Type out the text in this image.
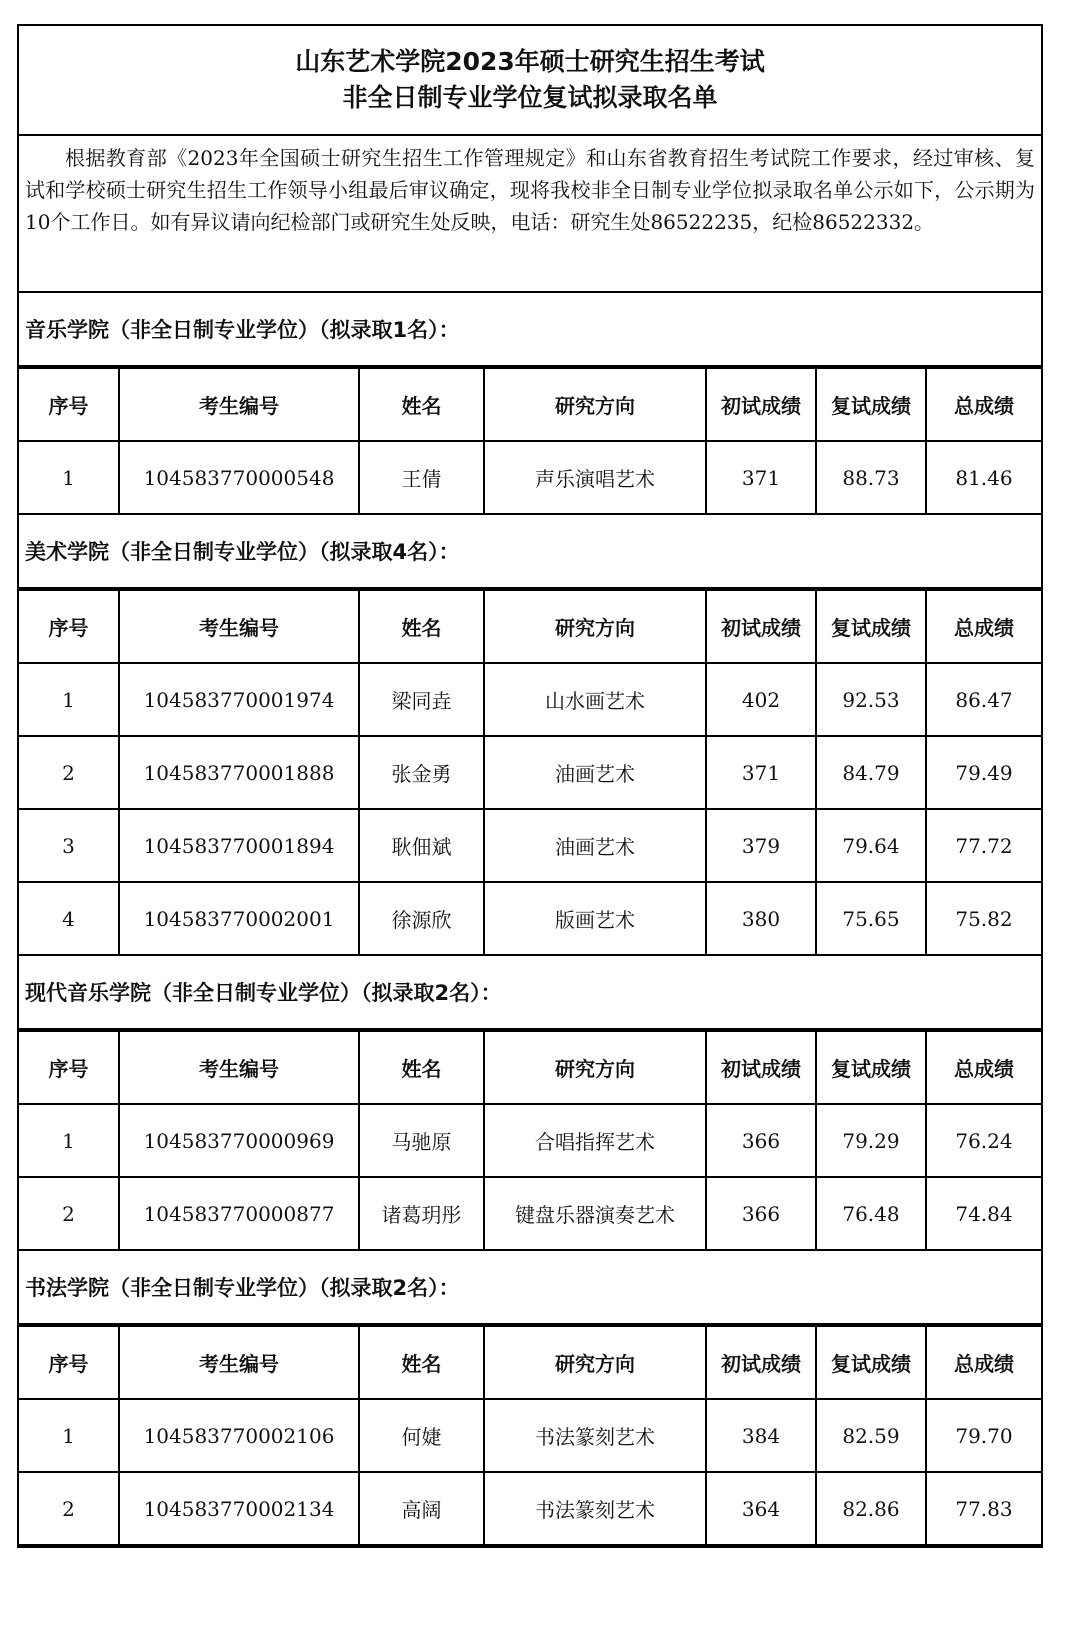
山东艺术学院2023年硕士研究生招生考试
非全日制专业学位复试拟录取名单
根据教育部《2023年全国硕士研究生招生工作管理规定》和山东省教育招生考试院工作要求，经过审核、复试和学校硕士研究生招生工作领导小组最后审议确定，现将我校非全日制专业学位拟录取名单公示如下，公示期为10个工作日。如有异议请向纪检部门或研究生处反映，电话：研究生处86522235，纪检86522332。
音乐学院（非全日制专业学位）（拟录取1名）：
序号	考生编号	姓名	研究方向	初试成绩	复试成绩	总成绩
1	104583770000548	王倩	声乐演唱艺术	371	88.73	81.46
美术学院（非全日制专业学位）（拟录取4名）：
序号	考生编号	姓名	研究方向	初试成绩	复试成绩	总成绩
1	104583770001974	梁同垚	山水画艺术	402	92.53	86.47
2	104583770001888	张金勇	油画艺术	371	84.79	79.49
3	104583770001894	耿佃斌	油画艺术	379	79.64	77.72
4	104583770002001	徐源欣	版画艺术	380	75.65	75.82
现代音乐学院（非全日制专业学位）（拟录取2名）：
序号	考生编号	姓名	研究方向	初试成绩	复试成绩	总成绩
1	104583770000969	马驰原	合唱指挥艺术	366	79.29	76.24
2	104583770000877	诸葛玥彤	键盘乐器演奏艺术	366	76.48	74.84
书法学院（非全日制专业学位）（拟录取2名）：
序号	考生编号	姓名	研究方向	初试成绩	复试成绩	总成绩
1	104583770002106	何婕	书法篆刻艺术	384	82.59	79.70
2	104583770002134	高阔	书法篆刻艺术	364	82.86	77.83
